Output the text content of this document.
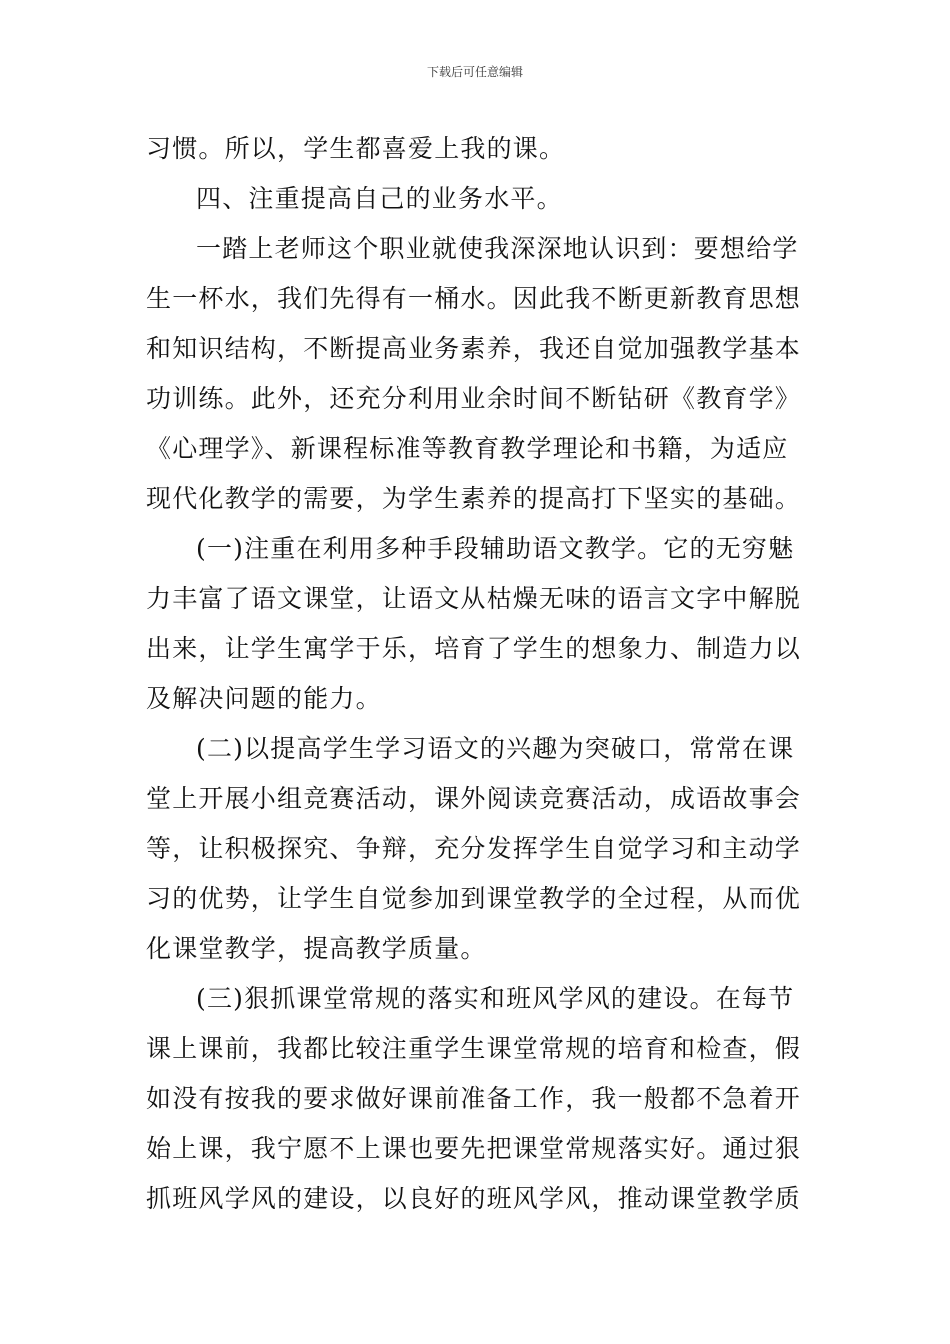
下载后可任意编辑
习惯。所以，学生都喜爱上我的课。
四、注重提高自己的业务水平。
一踏上老师这个职业就使我深深地认识到：要想给学
生一杯水，我们先得有一桶水。因此我不断更新教育思想
和知识结构，不断提高业务素养，我还自觉加强教学基本
功训练。此外，还充分利用业余时间不断钻研《教育学》
《心理学》、新课程标准等教育教学理论和书籍，为适应
现代化教学的需要，为学生素养的提高打下坚实的基础。
(一)注重在利用多种手段辅助语文教学。它的无穷魅
力丰富了语文课堂，让语文从枯燥无味的语言文字中解脱
出来，让学生寓学于乐，培育了学生的想象力、制造力以
及解决问题的能力。
(二)以提高学生学习语文的兴趣为突破口，常常在课
堂上开展小组竞赛活动，课外阅读竞赛活动，成语故事会
等，让积极探究、争辩，充分发挥学生自觉学习和主动学
习的优势，让学生自觉参加到课堂教学的全过程，从而优
化课堂教学，提高教学质量。
(三)狠抓课堂常规的落实和班风学风的建设。在每节
课上课前，我都比较注重学生课堂常规的培育和检查，假
如没有按我的要求做好课前准备工作，我一般都不急着开
始上课，我宁愿不上课也要先把课堂常规落实好。通过狠
抓班风学风的建设，以良好的班风学风，推动课堂教学质
